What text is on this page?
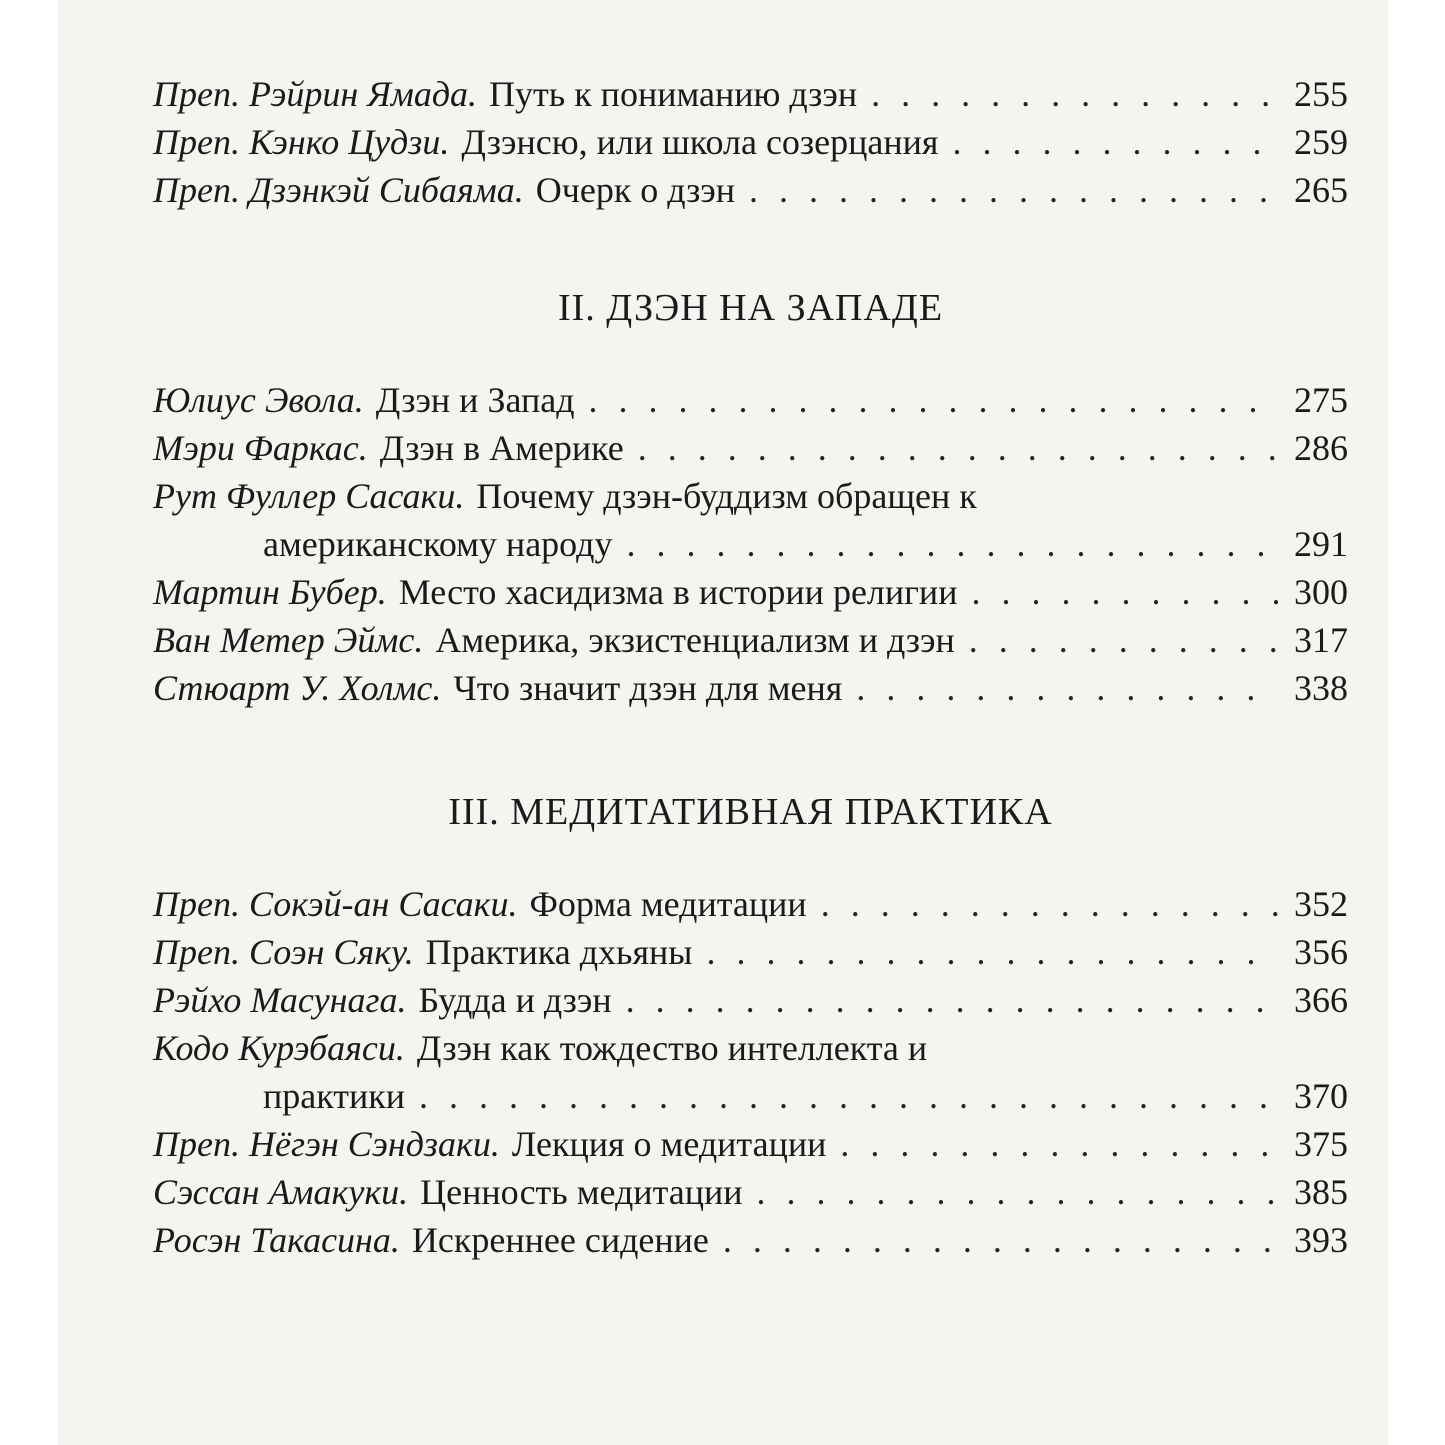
Преп. Рэйрин Ямада. Путь к пониманию дзэн . . .	255
Преп. Кэнко Цудзи. Дзэнсю, или школа созерцания . . .	259
Преп. Дзэнкэй Сибаяма. Очерк о дзэн . . .	265
II. ДЗЭН НА ЗАПАДЕ
Юлиус Эвола. Дзэн и Запад . . .	275
Мэри Фаркас. Дзэн в Америке . . .	286
Рут Фуллер Сасаки. Почему дзэн-буддизм обращен к
американскому народу . . .	291
Мартин Бубер. Место хасидизма в истории религии . . .	300
Ван Метер Эймс. Америка, экзистенциализм и дзэн . . .	317
Стюарт У. Холмс. Что значит дзэн для меня . . .	338
III. МЕДИТАТИВНАЯ ПРАКТИКА
Преп. Сокэй-ан Сасаки. Форма медитации . . .	352
Преп. Соэн Сяку. Практика дхьяны . . .	356
Рэйхо Масунага. Будда и дзэн . . .	366
Кодо Курэбаяси. Дзэн как тождество интеллекта и
практики . . .	370
Преп. Нёгэн Сэндзаки. Лекция о медитации . . .	375
Сэссан Амакуки. Ценность медитации . . .	385
Росэн Такасина. Искреннее сидение . . .	393
